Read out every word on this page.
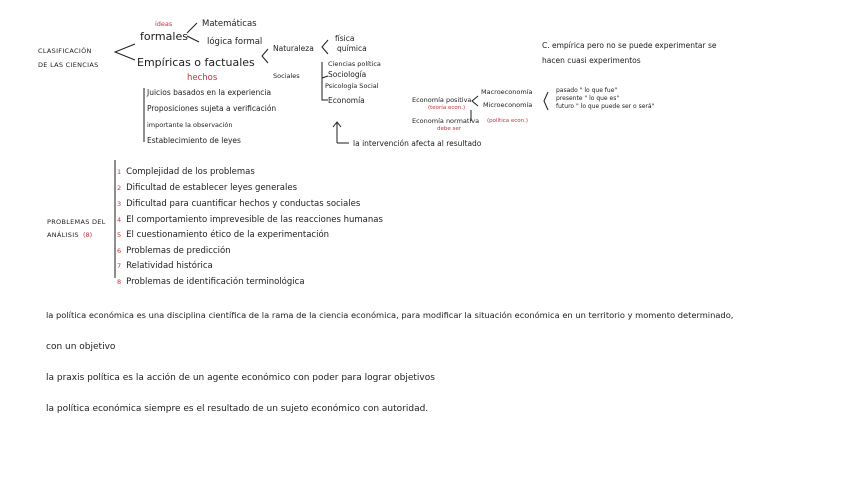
CLASIFICACIÓN
DE LAS CIENCIAS
ideas
formales
Matemáticas
lógica formal
Empíricas o factuales
hechos
Juicios basados en la experiencia
Proposiciones sujeta a verificación
importante la observación
Establecimiento de leyes
Naturaleza
física
química
Sociales
Ciencias política
Sociología
Psicología Social
Economía	Economía positiva
(teoría econ.)
Economía normativa (política econ.)
debe ser
Macroeconomía
Microeconomía
pasado " lo que fue"
presente " lo que es"
futuro " lo que puede ser o será"
la intervención afecta al resultado
C. empírica pero no se puede experimentar se
hacen cuasi experimentos
PROBLEMAS DEL
ANÁLISIS (8)
1 Complejidad de los problemas
2 Dificultad de establecer leyes generales
3 Dificultad para cuantificar hechos y conductas sociales
4 El comportamiento imprevesible de las reacciones humanas
5 El cuestionamiento ético de la experimentación
6 Problemas de predicción
7 Relatividad histórica
8 Problemas de identificación terminológica
la política económica es una disciplina científica de la rama de la ciencia económica, para modificar la situación económica en un territorio y momento determinado,
con un objetivo
la praxis política es la acción de un agente económico con poder para lograr objetivos
la política económica siempre es el resultado de un sujeto económico con autoridad.
